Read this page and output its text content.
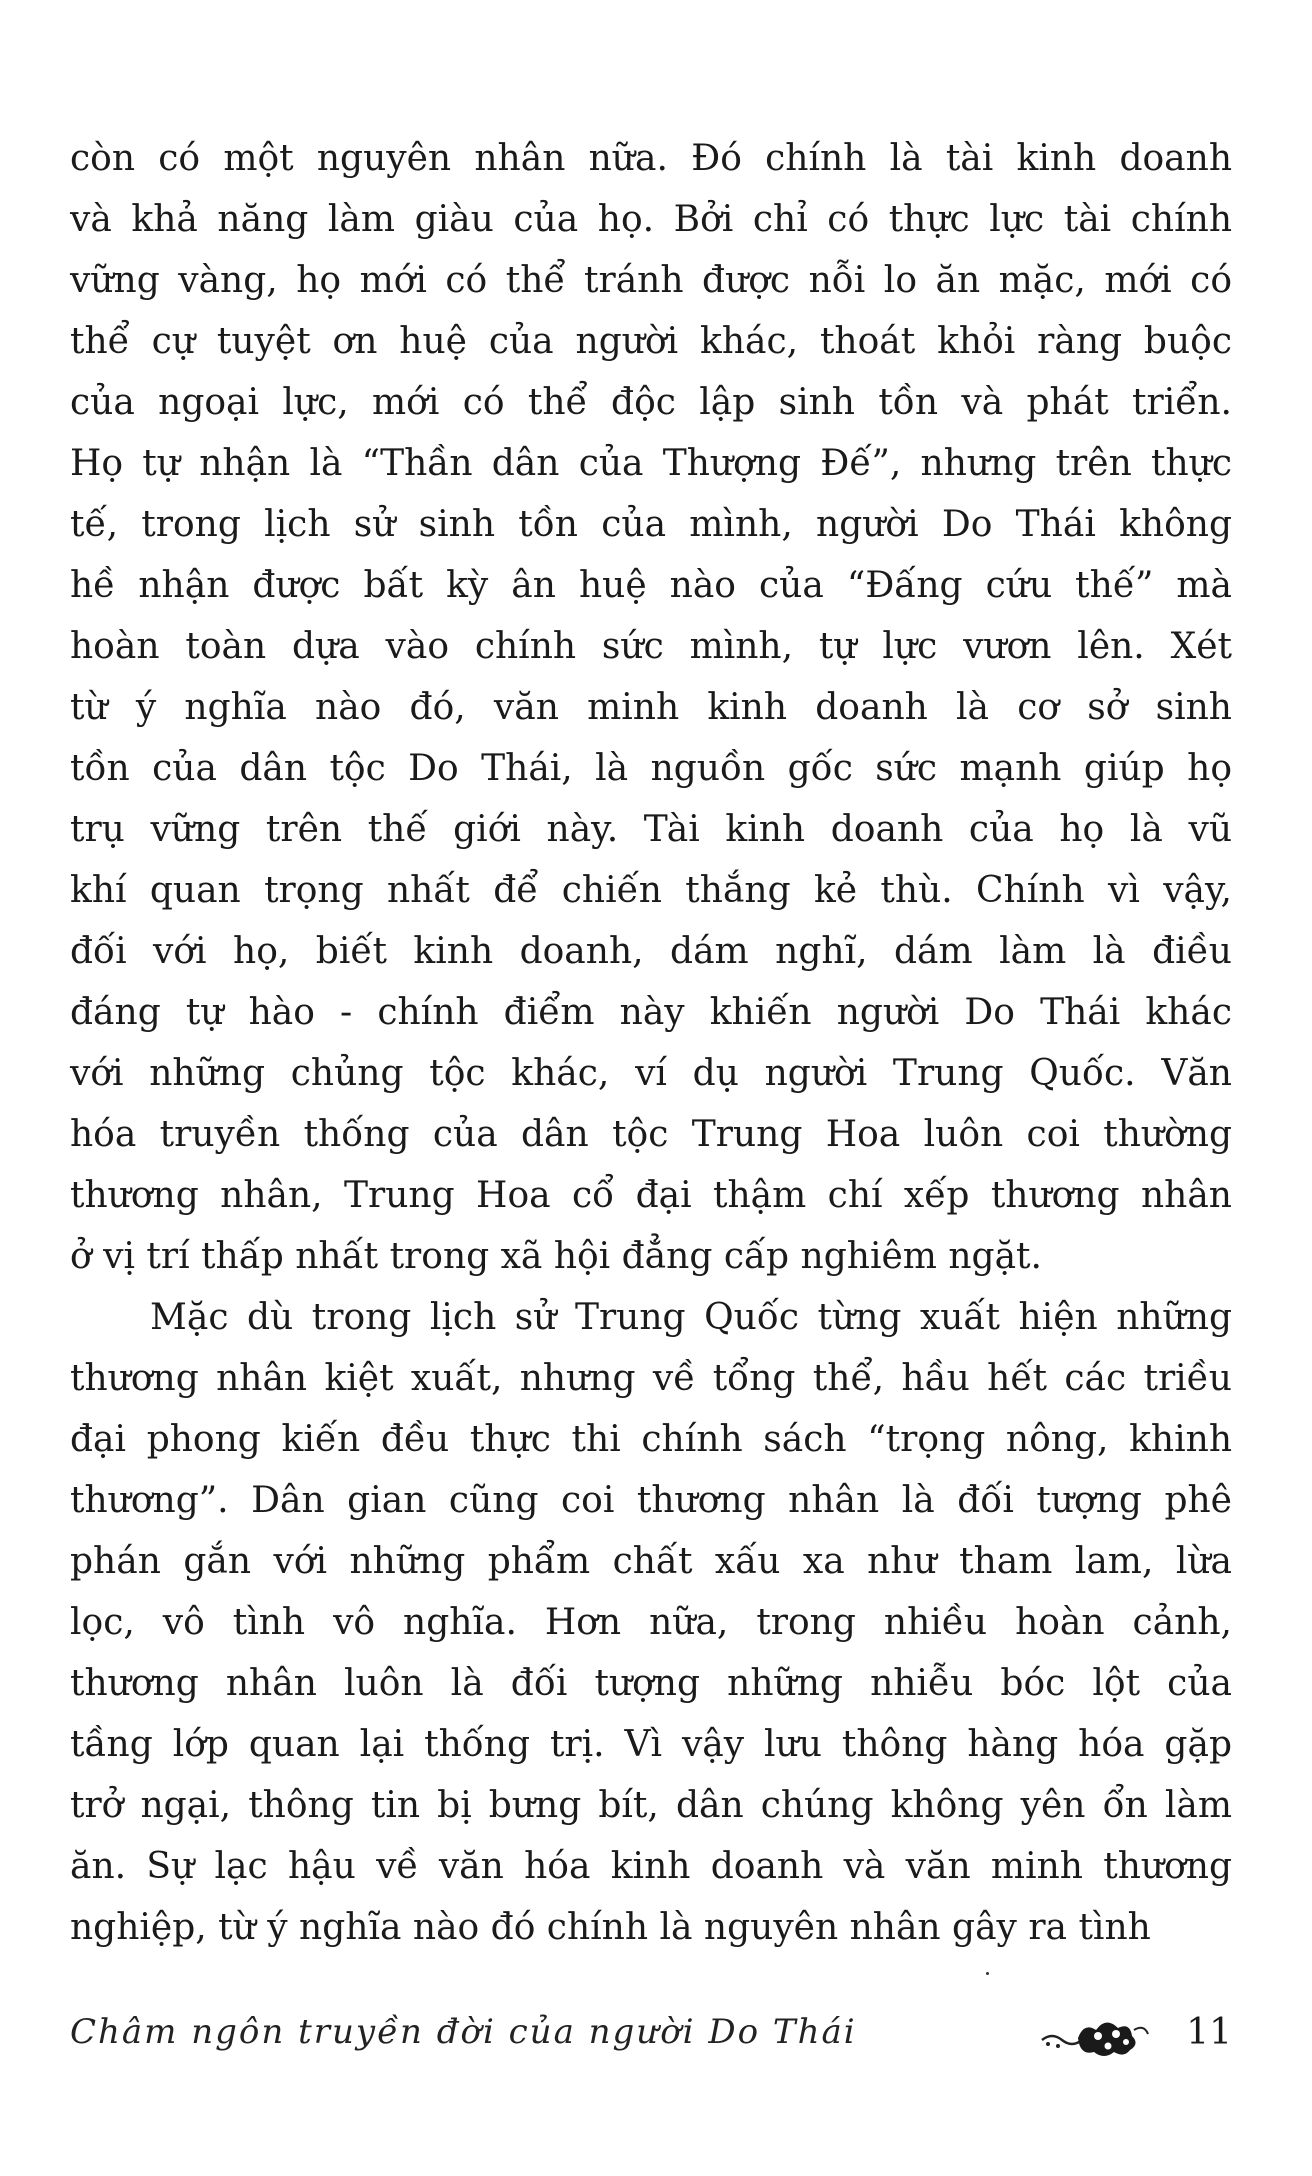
còn có một nguyên nhân nữa. Đó chính là tài kinh doanh
và khả năng làm giàu của họ. Bởi chỉ có thực lực tài chính
vững vàng, họ mới có thể tránh được nỗi lo ăn mặc, mới có
thể cự tuyệt ơn huệ của người khác, thoát khỏi ràng buộc
của ngoại lực, mới có thể độc lập sinh tồn và phát triển.
Họ tự nhận là “Thần dân của Thượng Đế”, nhưng trên thực
tế, trong lịch sử sinh tồn của mình, người Do Thái không
hề nhận được bất kỳ ân huệ nào của “Đấng cứu thế” mà
hoàn toàn dựa vào chính sức mình, tự lực vươn lên. Xét
từ ý nghĩa nào đó, văn minh kinh doanh là cơ sở sinh
tồn của dân tộc Do Thái, là nguồn gốc sức mạnh giúp họ
trụ vững trên thế giới này. Tài kinh doanh của họ là vũ
khí quan trọng nhất để chiến thắng kẻ thù. Chính vì vậy,
đối với họ, biết kinh doanh, dám nghĩ, dám làm là điều
đáng tự hào - chính điểm này khiến người Do Thái khác
với những chủng tộc khác, ví dụ người Trung Quốc. Văn
hóa truyền thống của dân tộc Trung Hoa luôn coi thường
thương nhân, Trung Hoa cổ đại thậm chí xếp thương nhân
ở vị trí thấp nhất trong xã hội đẳng cấp nghiêm ngặt.
Mặc dù trong lịch sử Trung Quốc từng xuất hiện những
thương nhân kiệt xuất, nhưng về tổng thể, hầu hết các triều
đại phong kiến đều thực thi chính sách “trọng nông, khinh
thương”. Dân gian cũng coi thương nhân là đối tượng phê
phán gắn với những phẩm chất xấu xa như tham lam, lừa
lọc, vô tình vô nghĩa. Hơn nữa, trong nhiều hoàn cảnh,
thương nhân luôn là đối tượng những nhiễu bóc lột của
tầng lớp quan lại thống trị. Vì vậy lưu thông hàng hóa gặp
trở ngại, thông tin bị bưng bít, dân chúng không yên ổn làm
ăn. Sự lạc hậu về văn hóa kinh doanh và văn minh thương
nghiệp, từ ý nghĩa nào đó chính là nguyên nhân gây ra tình
Châm ngôn truyền đời của người Do Thái	11
